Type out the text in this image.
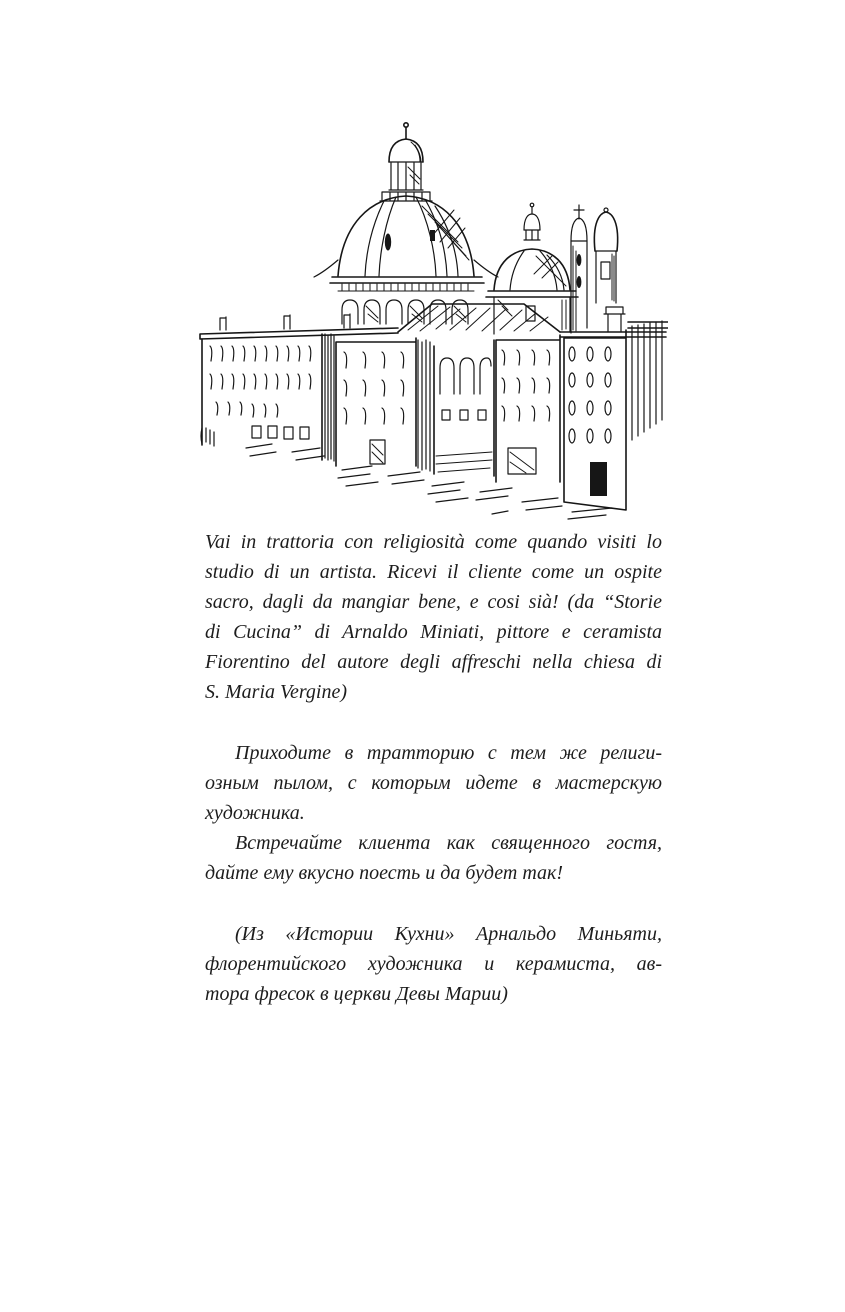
Vai in trattoria con religiosità come quando visiti lo
studio di un artista. Ricevi il cliente come un ospite
sacro, dagli da mangiar bene, e cosi sià! (da “Storie
di Cucina” di Arnaldo Miniati, pittore e ceramista
Fiorentino del autore degli affreschi nella chiesa di
S. Maria Vergine)
Приходите в тратторию с тем же религи-
озным пылом, с которым идете в мастерскую
художника.
Встречайте клиента как священного гостя,
дайте ему вкусно поесть и да будет так!
(Из «Истории Кухни» Арнальдо Миньяти,
флорентийского художника и керамиста, ав-
тора фресок в церкви Девы Марии)
